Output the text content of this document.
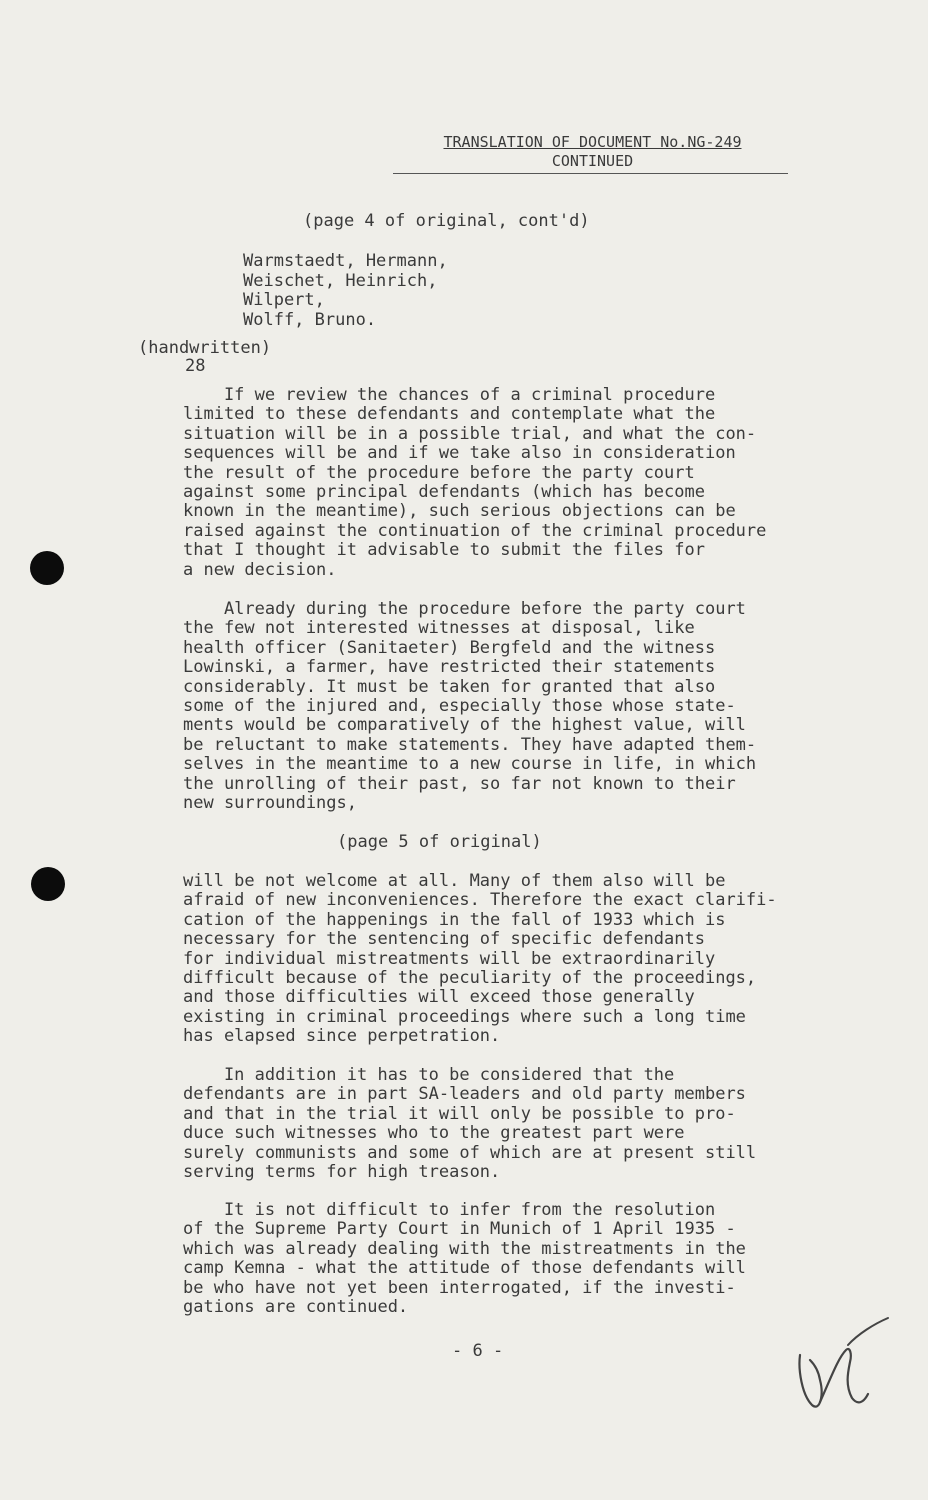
TRANSLATION OF DOCUMENT No.NG-249
CONTINUED
(page 4 of original, cont'd)
Warmstaedt, Hermann,
Weischet, Heinrich,
Wilpert,
Wolff, Bruno.
(handwritten)
28
If we review the chances of a criminal procedure
limited to these defendants and contemplate what the
situation will be in a possible trial, and what the con-
sequences will be and if we take also in consideration
the result of the procedure before the party court
against some principal defendants (which has become
known in the meantime), such serious objections can be
raised against the continuation of the criminal procedure
that I thought it advisable to submit the files for
a new decision.
Already during the procedure before the party court
the few not interested witnesses at disposal, like
health officer (Sanitaeter) Bergfeld and the witness
Lowinski, a farmer, have restricted their statements
considerably. It must be taken for granted that also
some of the injured and, especially those whose state-
ments would be comparatively of the highest value, will
be reluctant to make statements. They have adapted them-
selves in the meantime to a new course in life, in which
the unrolling of their past, so far not known to their
new surroundings,
(page 5 of original)
will be not welcome at all. Many of them also will be
afraid of new inconveniences. Therefore the exact clarifi-
cation of the happenings in the fall of 1933 which is
necessary for the sentencing of specific defendants
for individual mistreatments will be extraordinarily
difficult because of the peculiarity of the proceedings,
and those difficulties will exceed those generally
existing in criminal proceedings where such a long time
has elapsed since perpetration.
In addition it has to be considered that the
defendants are in part SA-leaders and old party members
and that in the trial it will only be possible to pro-
duce such witnesses who to the greatest part were
surely communists and some of which are at present still
serving terms for high treason.
It is not difficult to infer from the resolution
of the Supreme Party Court in Munich of 1 April 1935 -
which was already dealing with the mistreatments in the
camp Kemna - what the attitude of those defendants will
be who have not yet been interrogated, if the investi-
gations are continued.
- 6 -
